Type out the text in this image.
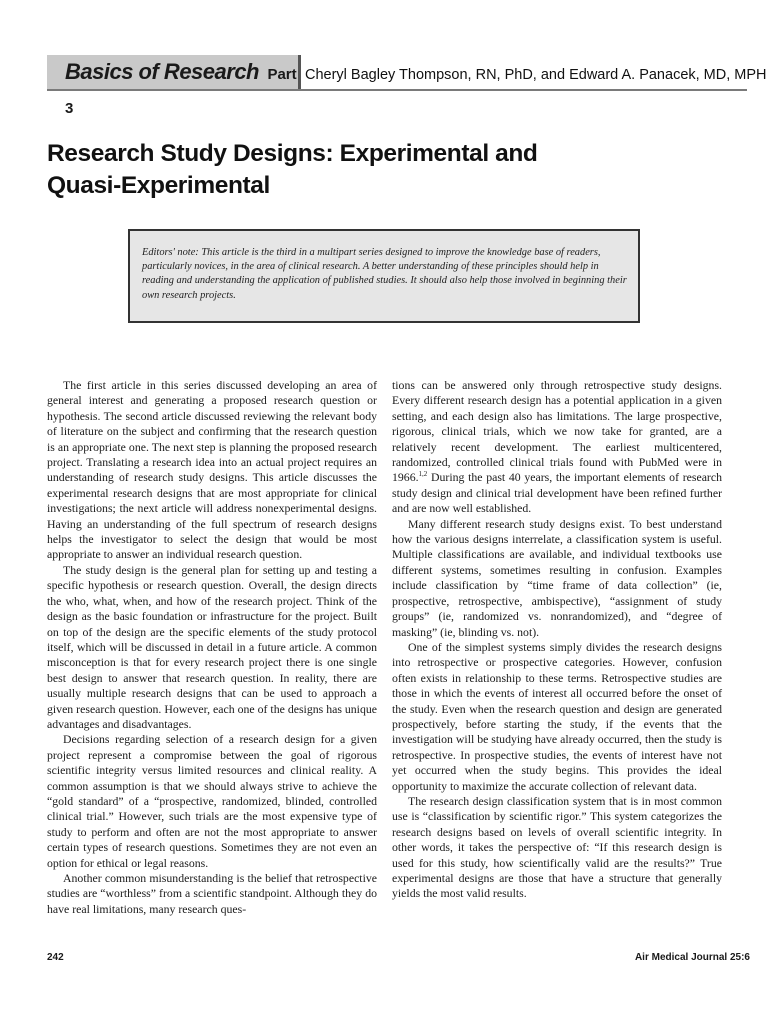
Basics of Research Part 3
Cheryl Bagley Thompson, RN, PhD, and Edward A. Panacek, MD, MPH
Research Study Designs: Experimental and
Quasi-Experimental

Editors' note: This article is the third in a multipart series designed to improve the knowledge base of readers, particularly novices, in the area of clinical research. A better understanding of these principles should help in reading and understanding the application of published studies. It should also help those involved in beginning their own research projects.

The first article in this series discussed developing an area of general interest and generating a proposed research question or hypothesis. The second article discussed reviewing the relevant body of literature on the subject and confirming that the research question is an appropriate one. The next step is planning the proposed research project. Translating a research idea into an actual project requires an understanding of research study designs. This article discusses the experimental research designs that are most appropriate for clinical investigations; the next article will address nonexperimental designs. Having an understanding of the full spectrum of research designs helps the investigator to select the design that would be most appropriate to answer an individual research question.

The study design is the general plan for setting up and testing a specific hypothesis or research question. Overall, the design directs the who, what, when, and how of the research project. Think of the design as the basic foundation or infrastructure for the project. Built on top of the design are the specific elements of the study protocol itself, which will be discussed in detail in a future article. A common misconception is that for every research project there is one single best design to answer that research question. In reality, there are usually multiple research designs that can be used to approach a given research question. However, each one of the designs has unique advantages and disadvantages.

Decisions regarding selection of a research design for a given project represent a compromise between the goal of rigorous scientific integrity versus limited resources and clinical reality. A common assumption is that we should always strive to achieve the “gold standard” of a “prospective, randomized, blinded, controlled clinical trial.” However, such trials are the most expensive type of study to perform and often are not the most appropriate to answer certain types of research questions. Sometimes they are not even an option for ethical or legal reasons.

Another common misunderstanding is the belief that retrospective studies are “worthless” from a scientific standpoint. Although they do have real limitations, many research ques-

tions can be answered only through retrospective study designs. Every different research design has a potential application in a given setting, and each design also has limitations. The large prospective, rigorous, clinical trials, which we now take for granted, are a relatively recent development. The earliest multicentered, randomized, controlled clinical trials found with PubMed were in 1966.$^{1,2}$ During the past 40 years, the important elements of research study design and clinical trial development have been refined further and are now well established.

Many different research study designs exist. To best understand how the various designs interrelate, a classification system is useful. Multiple classifications are available, and individual textbooks use different systems, sometimes resulting in confusion. Examples include classification by “time frame of data collection” (ie, prospective, retrospective, ambispective), “assignment of study groups” (ie, randomized vs. nonrandomized), and “degree of masking” (ie, blinding vs. not).

One of the simplest systems simply divides the research designs into retrospective or prospective categories. However, confusion often exists in relationship to these terms. Retrospective studies are those in which the events of interest all occurred before the onset of the study. Even when the research question and design are generated prospectively, before starting the study, if the events that the investigation will be studying have already occurred, then the study is retrospective. In prospective studies, the events of interest have not yet occurred when the study begins. This provides the ideal opportunity to maximize the accurate collection of relevant data.

The research design classification system that is in most common use is “classification by scientific rigor.” This system categorizes the research designs based on levels of overall scientific integrity. In other words, it takes the perspective of: “If this research design is used for this study, how scientifically valid are the results?” True experimental designs are those that have a structure that generally yields the most valid results.

242	Air Medical Journal 25:6
